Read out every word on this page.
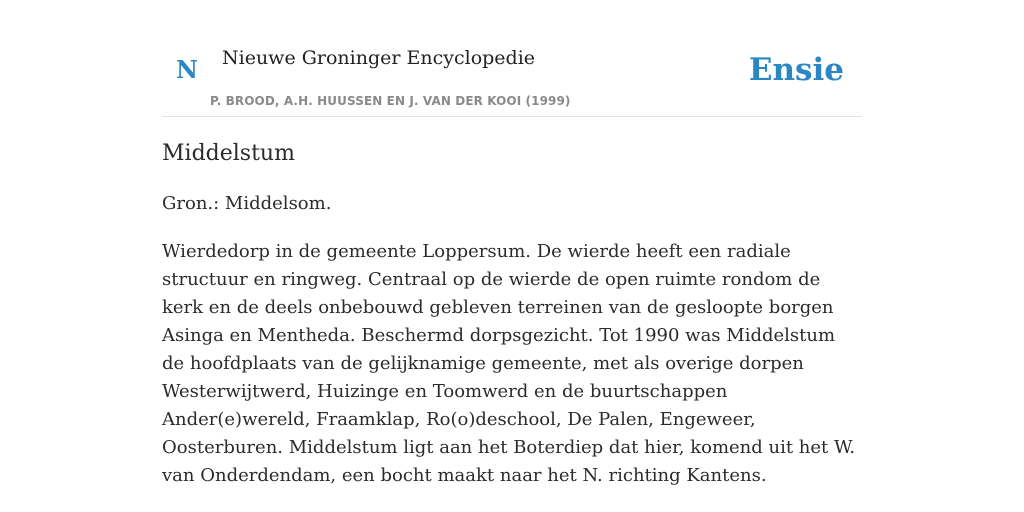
N Nieuwe Groninger Encyclopedie
P. BROOD, A.H. HUUSSEN EN J. VAN DER KOOI (1999)
Ensie
Middelstum

Gron.: Middelsom.

Wierdedorp in de gemeente Loppersum. De wierde heeft een radiale structuur en ringweg. Centraal op de wierde de open ruimte rondom de kerk en de deels onbebouwd gebleven terreinen van de gesloopte borgen Asinga en Mentheda. Beschermd dorpsgezicht. Tot 1990 was Middelstum de hoofdplaats van de gelijknamige gemeente, met als overige dorpen Westerwijtwerd, Huizinge en Toomwerd en de buurtschappen Ander(e)wereld, Fraamklap, Ro(o)deschool, De Palen, Engeweer, Oosterburen. Middelstum ligt aan het Boterdiep dat hier, komend uit het W. van Onderdendam, een bocht maakt naar het N. richting Kantens.
